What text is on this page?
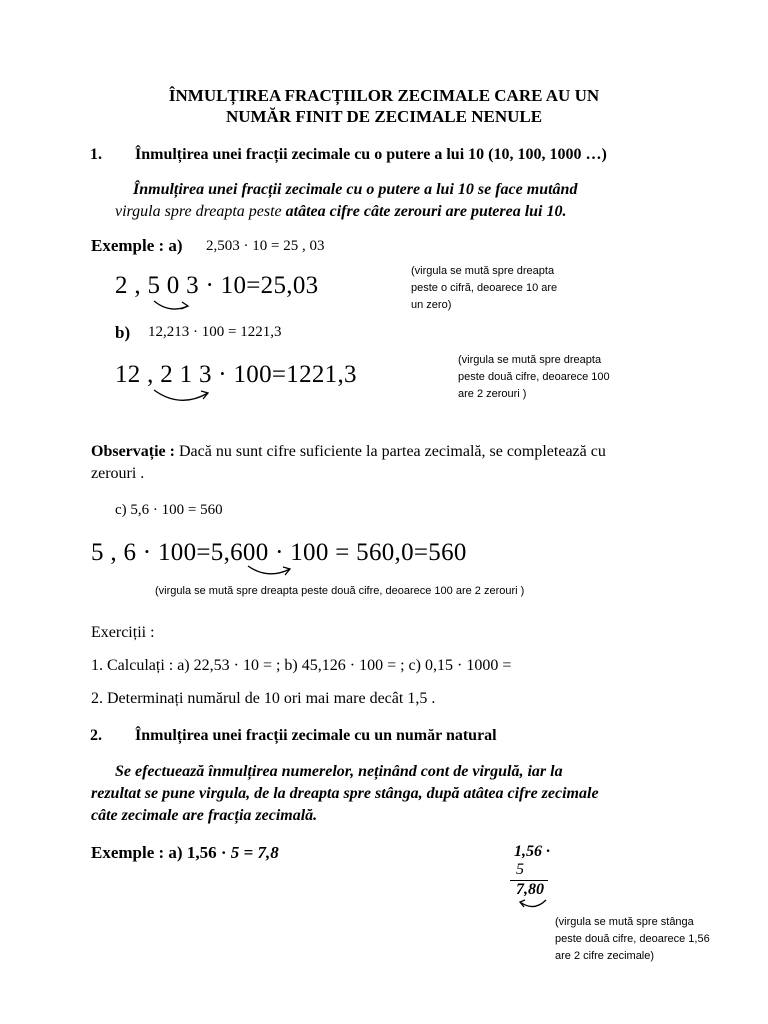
ÎNMULȚIREA FRACȚIILOR ZECIMALE CARE AU UN
NUMĂR FINIT DE ZECIMALE NENULE
1. Înmulțirea unei fracții zecimale cu o putere a lui 10 (10, 100, 1000 …)
Înmulțirea unei fracții zecimale cu o putere a lui 10 se face mutând
virgula spre dreapta peste atâtea cifre câte zerouri are puterea lui 10.
Exemple : a) 2,503 · 10 = 25 , 03
2 , 5 0 3 · 10=25,03
(virgula se mută spre dreapta
peste o cifră, deoarece 10 are
un zero)
b) 12,213 · 100 = 1221,3
12 , 2 1 3 · 100=1221,3
(virgula se mută spre dreapta
peste două cifre, deoarece 100
are 2 zerouri )
Observație : Dacă nu sunt cifre suficiente la partea zecimală, se completează cu
zerouri .
c) 5,6 · 100 = 560
5 , 6 · 100=5,600 · 100 = 560,0=560
(virgula se mută spre dreapta peste două cifre, deoarece 100 are 2 zerouri )
Exerciții :
1. Calculați : a) 22,53 · 10 = ; b) 45,126 · 100 = ; c) 0,15 · 1000 =
2. Determinați numărul de 10 ori mai mare decât 1,5 .
2. Înmulțirea unei fracții zecimale cu un număr natural
Se efectuează înmulțirea numerelor, neținând cont de virgulă, iar la
rezultat se pune virgula, de la dreapta spre stânga, după atâtea cifre zecimale
câte zecimale are fracția zecimală.
Exemple : a) 1,56 · 5 = 7,8	1,56 ·
5
7,80
(virgula se mută spre stânga
peste două cifre, deoarece 1,56
are 2 cifre zecimale)
